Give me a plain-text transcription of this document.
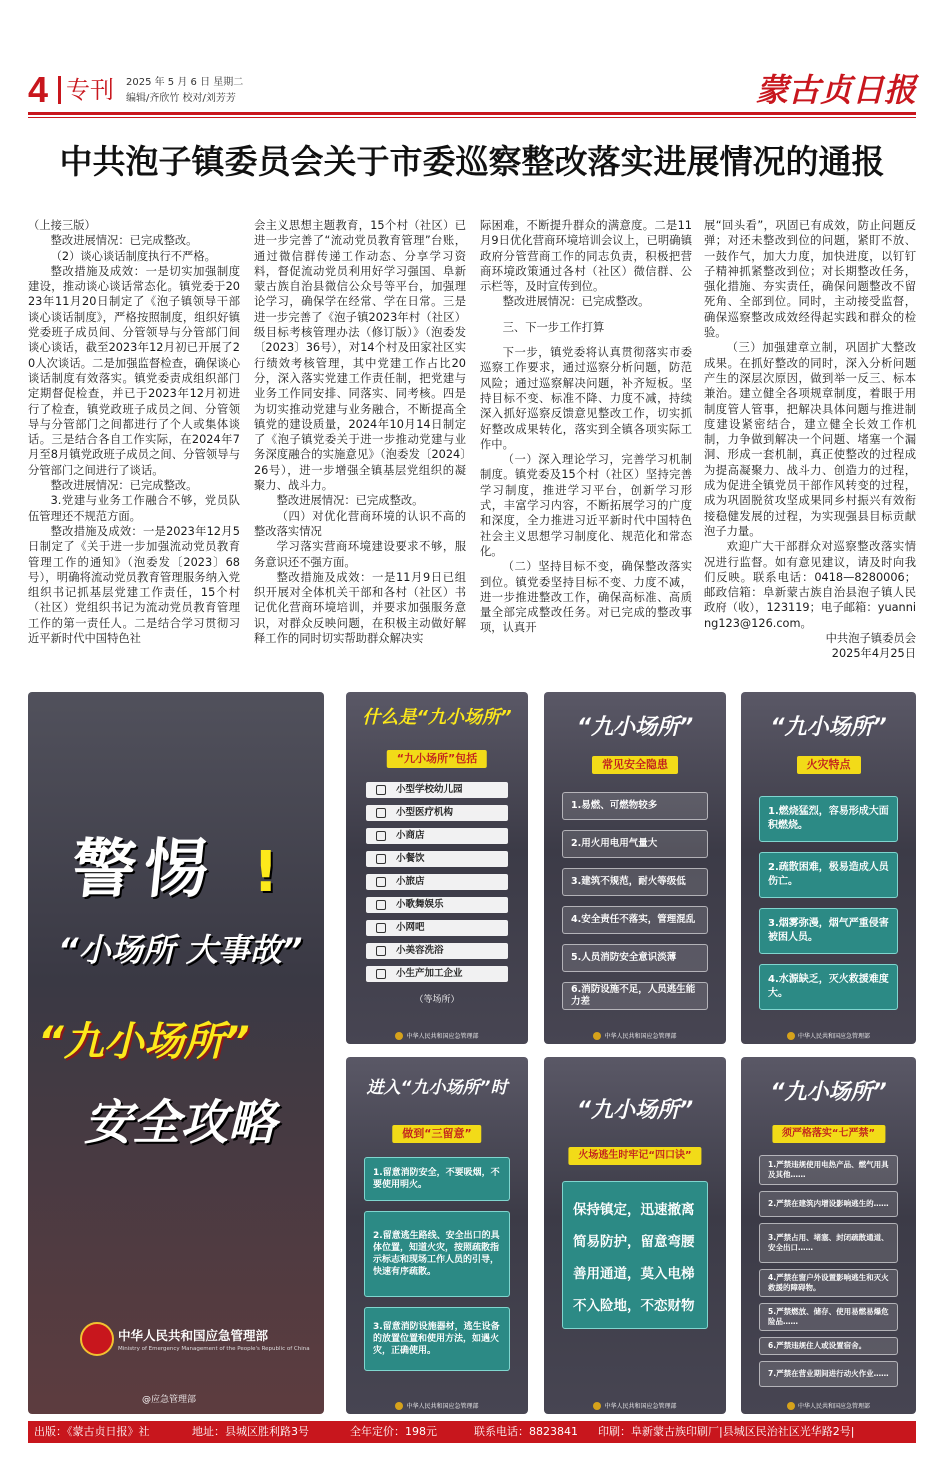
4 专刊 2025 年 5 月 6 日 星期二
编辑/齐欣竹 校对/刘芳芳	蒙古贞日报
中共泡子镇委员会关于市委巡察整改落实进展情况的通报

（上接三版）

整改进展情况：已完成整改。

（2）谈心谈话制度执行不严格。

整改措施及成效：一是切实加强制度建设，推动谈心谈话常态化。镇党委于2023年11月20日制定了《泡子镇领导干部谈心谈话制度》，严格按照制度，组织好镇党委班子成员间、分管领导与分管部门间谈心谈话，截至2023年12月初已开展了20人次谈话。二是加强监督检查，确保谈心谈话制度有效落实。镇党委责成组织部门定期督促检查，并已于2023年12月初进行了检查，镇党政班子成员之间、分管领导与分管部门之间都进行了个人或集体谈话。三是结合各自工作实际，在2024年7月至8月镇党政班子成员之间、分管领导与分管部门之间进行了谈话。

整改进展情况：已完成整改。

3.党建与业务工作融合不够，党员队伍管理还不规范方面。

整改措施及成效：一是2023年12月5日制定了《关于进一步加强流动党员教育管理工作的通知》（泡委发〔2023〕68号），明确将流动党员教育管理服务纳入党组织书记抓基层党建工作责任，15个村（社区）党组织书记为流动党员教育管理工作的第一责任人。二是结合学习贯彻习近平新时代中国特色社

会主义思想主题教育，15个村（社区）已进一步完善了“流动党员教育管理”台账，通过微信群传递工作动态、分享学习资料，督促流动党员利用好学习强国、阜新蒙古族自治县微信公众号等平台，加强理论学习，确保学在经常、学在日常。三是进一步完善了《泡子镇2023年村（社区）级目标考核管理办法（修订版）》（泡委发〔2023〕36号），对14个村及田家社区实行绩效考核管理，其中党建工作占比20分，深入落实党建工作责任制，把党建与业务工作同安排、同落实、同考核。四是为切实推动党建与业务融合，不断提高全镇党的建设质量，2024年10月14日制定了《泡子镇党委关于进一步推动党建与业务深度融合的实施意见》（泡委发〔2024〕26号），进一步增强全镇基层党组织的凝聚力、战斗力。

整改进展情况：已完成整改。

（四）对优化营商环境的认识不高的整改落实情况

学习落实营商环境建设要求不够，服务意识还不强方面。

整改措施及成效：一是11月9日已组织开展对全体机关干部和各村（社区）书记优化营商环境培训，并要求加强服务意识，对群众反映问题，在积极主动做好解释工作的同时切实帮助群众解决实

际困难，不断提升群众的满意度。二是11月9日优化营商环境培训会议上，已明确镇政府分管营商工作的同志负责，积极把营商环境政策通过各村（社区）微信群、公示栏等，及时宣传到位。

整改进展情况：已完成整改。

三、下一步工作打算

下一步，镇党委将认真贯彻落实市委巡察工作要求，通过巡察分析问题，防范风险；通过巡察解决问题，补齐短板。坚持目标不变、标准不降、力度不减，持续深入抓好巡察反馈意见整改工作，切实抓好整改成果转化，落实到全镇各项实际工作中。

（一）深入理论学习，完善学习机制制度。镇党委及15个村（社区）坚持完善学习制度，推进学习平台，创新学习形式，丰富学习内容，不断拓展学习的广度和深度，全力推进习近平新时代中国特色社会主义思想学习制度化、规范化和常态化。

（二）坚持目标不变，确保整改落实到位。镇党委坚持目标不变、力度不减，进一步推进整改工作，确保高标准、高质量全部完成整改任务。对已完成的整改事项，认真开

展“回头看”，巩固已有成效，防止问题反弹；对还未整改到位的问题，紧盯不放、一鼓作气，加大力度，加快进度，以钉钉子精神抓紧整改到位；对长期整改任务，强化措施、夯实责任，确保问题整改不留死角、全部到位。同时，主动接受监督，确保巡察整改成效经得起实践和群众的检验。

（三）加强建章立制，巩固扩大整改成果。在抓好整改的同时，深入分析问题产生的深层次原因，做到举一反三、标本兼治。建立健全各项规章制度，着眼于用制度管人管事，把解决具体问题与推进制度建设紧密结合，建立健全长效工作机制，力争做到解决一个问题、堵塞一个漏洞、形成一套机制，真正使整改的过程成为提高凝聚力、战斗力、创造力的过程，成为促进全镇党员干部作风转变的过程，成为巩固脱贫攻坚成果同乡村振兴有效衔接稳健发展的过程，为实现强县目标贡献泡子力量。

欢迎广大干部群众对巡察整改落实情况进行监督。如有意见建议，请及时向我们反映。联系电话：0418—8280006；邮政信箱：阜新蒙古族自治县泡子镇人民政府（收），123119；电子邮箱：yuanning123@126.com。

中共泡子镇委员会

2025年4月25日

警惕 !
“小场所 大事故”
“九小场所”
安全攻略
中华人民共和国应急管理部
Ministry of Emergency Management of the People's Republic of China
@应急管理部
什么是“九小场所”
“九小场所”包括
小型学校幼儿园
小型医疗机构
小商店
小餐饮
小旅店
小歌舞娱乐
小网吧
小美容洗浴
小生产加工企业
（等场所）
中华人民共和国应急管理部
“九小场所”
常见安全隐患
1.易燃、可燃物较多
2.用火用电用气量大
3.建筑不规范，耐火等级低
4.安全责任不落实，管理混乱
5.人员消防安全意识淡薄
6.消防设施不足，人员逃生能力差
中华人民共和国应急管理部
“九小场所”
火灾特点
1.燃烧猛烈，容易形成大面积燃烧。
2.疏散困难，极易造成人员伤亡。
3.烟雾弥漫，烟气严重侵害被困人员。
4.水源缺乏，灭火救援难度大。
中华人民共和国应急管理部
进入“九小场所”时
做到“三留意”
1.留意消防安全，不要吸烟，不要使用明火。
2.留意逃生路线、安全出口的具体位置，知道火灾，按照疏散指示标志和现场工作人员的引导，快速有序疏散。
3.留意消防设施器材，逃生设备的放置位置和使用方法，如遇火灾，正确使用。
中华人民共和国应急管理部
“九小场所”
火场逃生时牢记“四口诀”
保持镇定，迅速撤离
简易防护，留意弯腰
善用通道，莫入电梯
不入险地，不恋财物
中华人民共和国应急管理部
“九小场所”
须严格落实“七严禁”
1.严禁违规使用电热产品、燃气用具及其他……
2.严禁在建筑内增设影响逃生的……
3.严禁占用、堵塞、封闭疏散通道、安全出口……
4.严禁在窗户外设置影响逃生和灭火救援的障碍物。
5.严禁燃放、储存、使用易燃易爆危险品……
6.严禁违规住人或设置宿舍。
7.严禁在营业期间进行动火作业……
中华人民共和国应急管理部
出版：《蒙古贞日报》社	地址：县城区胜利路3号	全年定价：198元	联系电话：8823841 印刷：阜新蒙古族印刷厂|县城区民治社区光华路2号|
